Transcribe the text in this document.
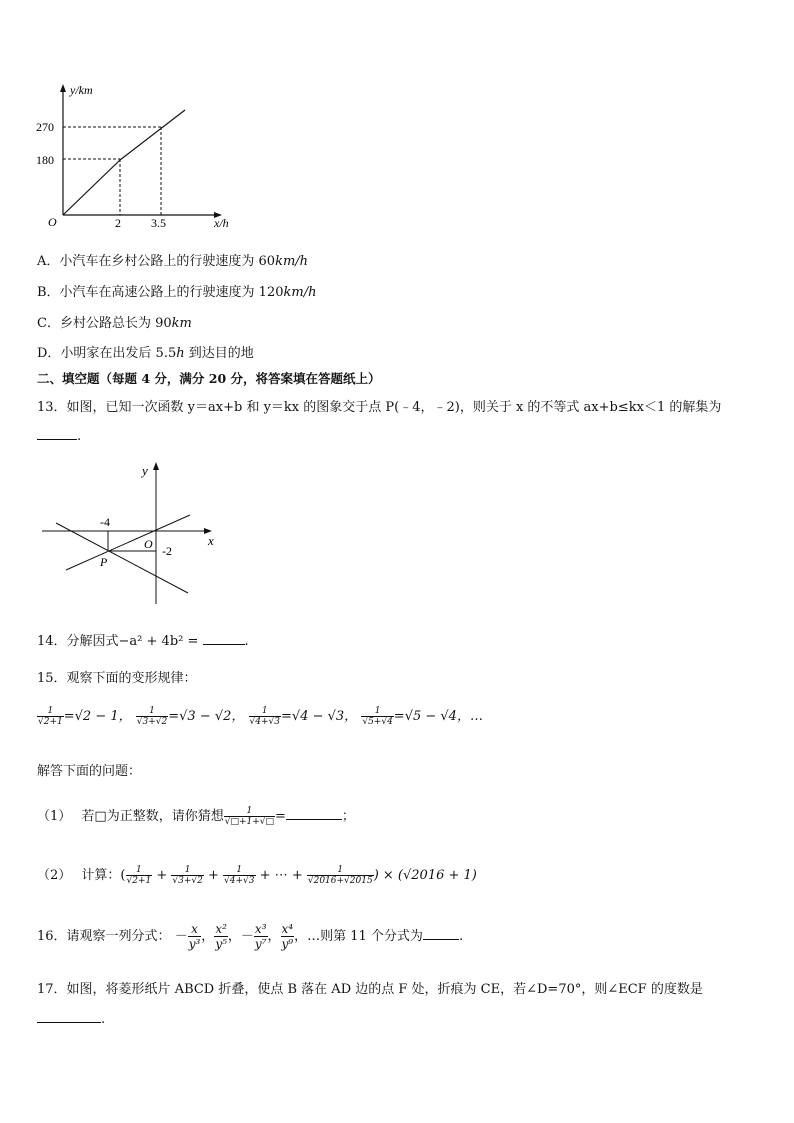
y/km
x/h
O
270
180
2	3.5
A．小汽车在乡村公路上的行驶速度为 60km/h
B．小汽车在高速公路上的行驶速度为 120km/h
C．乡村公路总长为 90km
D．小明家在出发后 5.5h 到达目的地
二、填空题（每题 4 分，满分 20 分，将答案填在答题纸上）
13．如图，已知一次函数 y＝ax+b 和 y＝kx 的图象交于点 P(﹣4，﹣2)，则关于 x 的不等式 ax+b≤kx＜1 的解集为
.
y
x
O
P
-4
-2
14．分解因式−a² + 4b² =	.
15．观察下面的变形规律：
$\frac{1}{√2+1} =√2 - 1$， $\frac{1}{√3+√2} =√3 - √2$， $\frac{1}{√4+√3} =√4 - √3$， $\frac{1}{√5+√4} =√5 - √4$，…
解答下面的问题：
（1） 若□为正整数，请你猜想 $\frac{1}{√□+1+√□}$ =	；
（2） 计算：( $\frac{1}{√2+1} + \frac{1}{√3+√2} + \frac{1}{√4+√3}$ + ⋯ + $\frac{1}{√2016+√2015}$ ) × (√2016 + 1)
16．请观察一列分式： － $\frac{x}{\text{y³}}$ ， $\frac{\text{x²}}{\text{y⁵}}$ ，－ $\frac{\text{x³}}{\text{y⁷}}$ ， $\frac{\text{x⁴}}{\text{y⁹}}$ ，…则第 11 个分式为	.
17．如图，将菱形纸片 ABCD 折叠，使点 B 落在 AD 边的点 F 处，折痕为 CE，若∠D=70°，则∠ECF 的度数是
.
